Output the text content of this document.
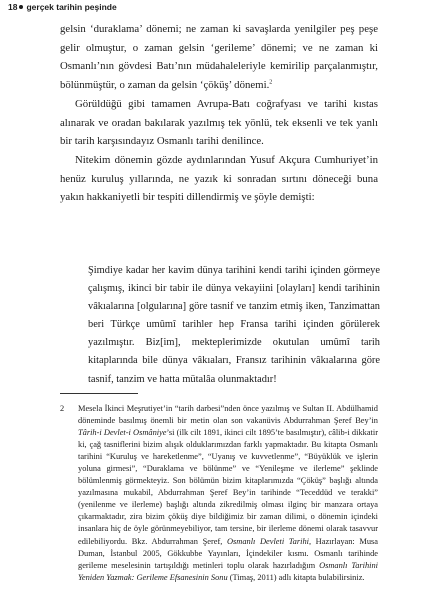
18 gerçek tarihin peşinde

gelsin ‘duraklama’ dönemi; ne zaman ki savaşlarda yenilgiler peş peşe gelir olmuştur, o zaman gelsin ‘gerileme’ dönemi; ve ne zaman ki Osmanlı’nın gövdesi Batı’nın müdahaleleriyle kemirilip parçalanmıştır, bölünmüştür, o zaman da gelsin ‘çöküş’ dönemi.$^2$

Görüldüğü gibi tamamen Avrupa-Batı coğrafyası ve tarihi kıstas alınarak ve oradan bakılarak yazılmış tek yönlü, tek eksenli ve tek yanlı bir tarih karşısındayız Osmanlı tarihi denilince.

Nitekim dönemin gözde aydınlarından Yusuf Akçura Cumhuriyet’in henüz kuruluş yıllarında, ne yazık ki sonradan sırtını döneceği buna yakın hakkaniyetli bir tespiti dillendirmiş ve şöyle demişti:

Şimdiye kadar her kavim dünya tarihini kendi tarihi içinden görmeye çalışmış, ikinci bir tabir ile dünya vekayiini [olayları] kendi tarihinin vâkıalarına [olgularına] göre tasnif ve tanzim etmiş iken, Tanzimattan beri Türkçe umûmî tarihler hep Fransa tarihi içinden görülerek yazılmıştır. Biz[im], mekteplerimizde okutulan umûmî tarih kitaplarında bile dünya vâkıaları, Fransız tarihinin vâkıalarına göre tasnif, tanzim ve hatta mütalâa olunmaktadır!

2 Mesela İkinci Meşrutiyet’in “tarih darbesi”nden önce yazılmış ve Sultan II. Abdülhamid döneminde basılmış önemli bir metin olan son vakanüvis Abdurrahman Şeref Bey’in Târih-i Devlet-i Osmâniye’si (ilk cilt 1891, ikinci cilt 1895’te basılmıştır), câlib-i dikkatir ki, çağ tasniflerini bizim alışık olduklarımızdan farklı yapmaktadır. Bu kitapta Osmanlı tarihini “Kuruluş ve hareketlenme”, “Uyanış ve kuvvetlenme”, “Büyüklük ve işlerin yoluna girmesi”, “Duraklama ve bölünme” ve “Yenileşme ve ilerleme” şeklinde bölümlenmiş görmekteyiz. Son bölümün bizim kitaplarımızda “Çöküş” başlığı altında yazılmasına mukabil, Abdurrahman Şeref Bey’in tarihinde “Teceddüd ve terakki” (yenilenme ve ilerleme) başlığı altında zikredilmiş olması ilginç bir manzara ortaya çıkarmaktadır, zira bizim çöküş diye bildiğimiz bir zaman dilimi, o dönemin içindeki insanlara hiç de öyle görünmeyebiliyor, tam tersine, bir ilerleme dönemi olarak tasavvur edilebiliyordu. Bkz. Abdurrahman Şeref, Osmanlı Devleti Tarihi, Hazırlayan: Musa Duman, İstanbul 2005, Gökkubbe Yayınları, İçindekiler kısmı. Osmanlı tarihinde gerileme meselesinin tartışıldığı metinleri toplu olarak hazırladığım Osmanlı Tarihini Yeniden Yazmak: Gerileme Efsanesinin Sonu (Timaş, 2011) adlı kitapta bulabilirsiniz.
